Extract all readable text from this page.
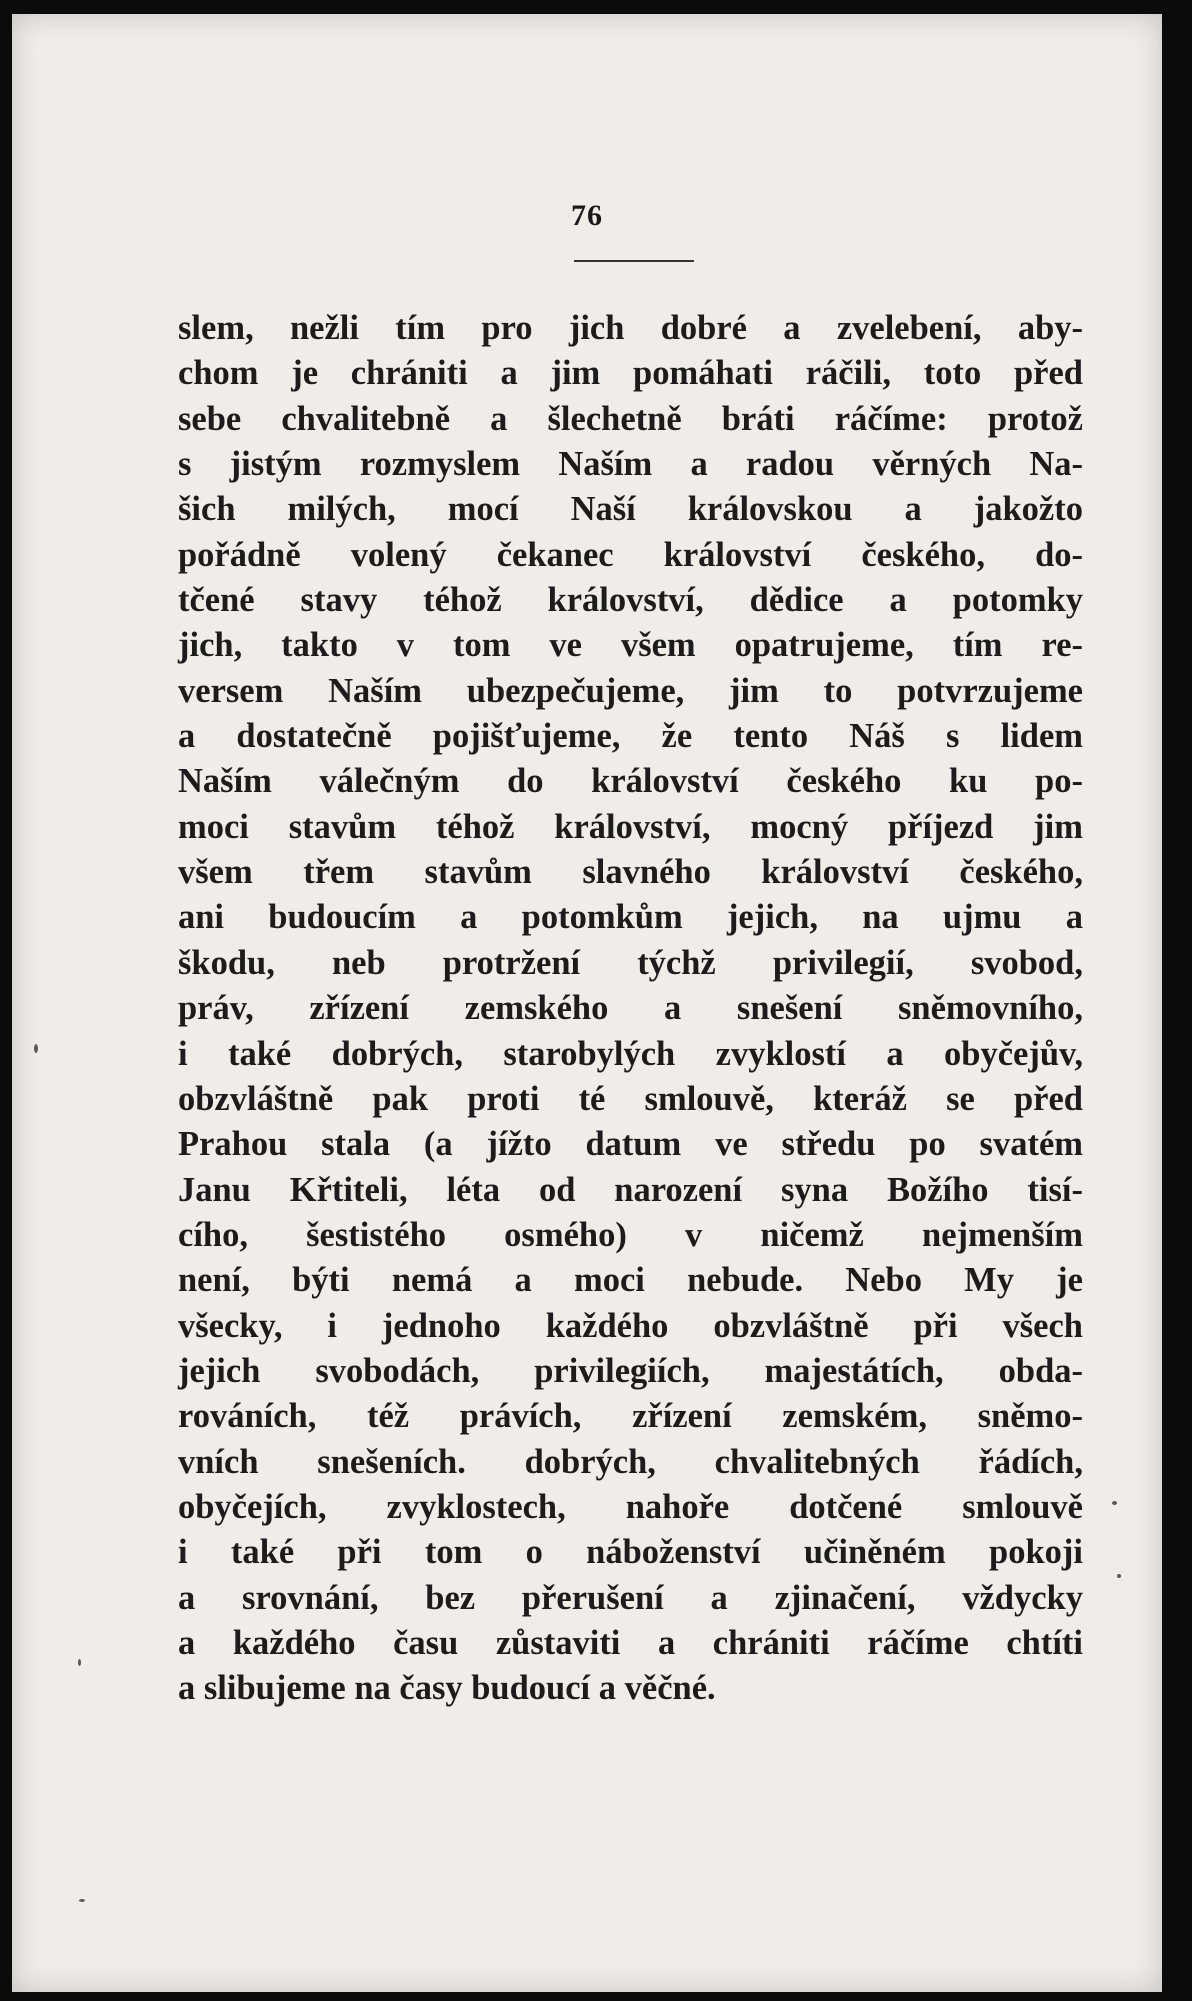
76
slem, nežli tím pro jich dobré a zvelebení, aby-
chom je chrániti a jim pomáhati ráčili, toto před
sebe chvalitebně a šlechetně bráti ráčíme: protož
s jistým rozmyslem Naším a radou věrných Na-
šich milých, mocí Naší královskou a jakožto
pořádně volený čekanec království českého, do-
tčené stavy téhož království, dědice a potomky
jich, takto v tom ve všem opatrujeme, tím re-
versem Naším ubezpečujeme, jim to potvrzujeme
a dostatečně pojišťujeme, že tento Náš s lidem
Naším válečným do království českého ku po-
moci stavům téhož království, mocný příjezd jim
všem třem stavům slavného království českého,
ani budoucím a potomkům jejich, na ujmu a
škodu, neb protržení týchž privilegií, svobod,
práv, zřízení zemského a snešení sněmovního,
i také dobrých, starobylých zvyklostí a obyčejův,
obzvláštně pak proti té smlouvě, kteráž se před
Prahou stala (a jížto datum ve středu po svatém
Janu Křtiteli, léta od narození syna Božího tisí-
cího, šestistého osmého) v ničemž nejmenším
není, býti nemá a moci nebude. Nebo My je
všecky, i jednoho každého obzvláštně při všech
jejich svobodách, privilegiích, majestátích, obda-
rováních, též právích, zřízení zemském, sněmo-
vních snešeních. dobrých, chvalitebných řádích,
obyčejích, zvyklostech, nahoře dotčené smlouvě
i také při tom o náboženství učiněném pokoji
a srovnání, bez přerušení a zjinačení, vždycky
a každého času zůstaviti a chrániti ráčíme chtíti
a slibujeme na časy budoucí a věčné.
